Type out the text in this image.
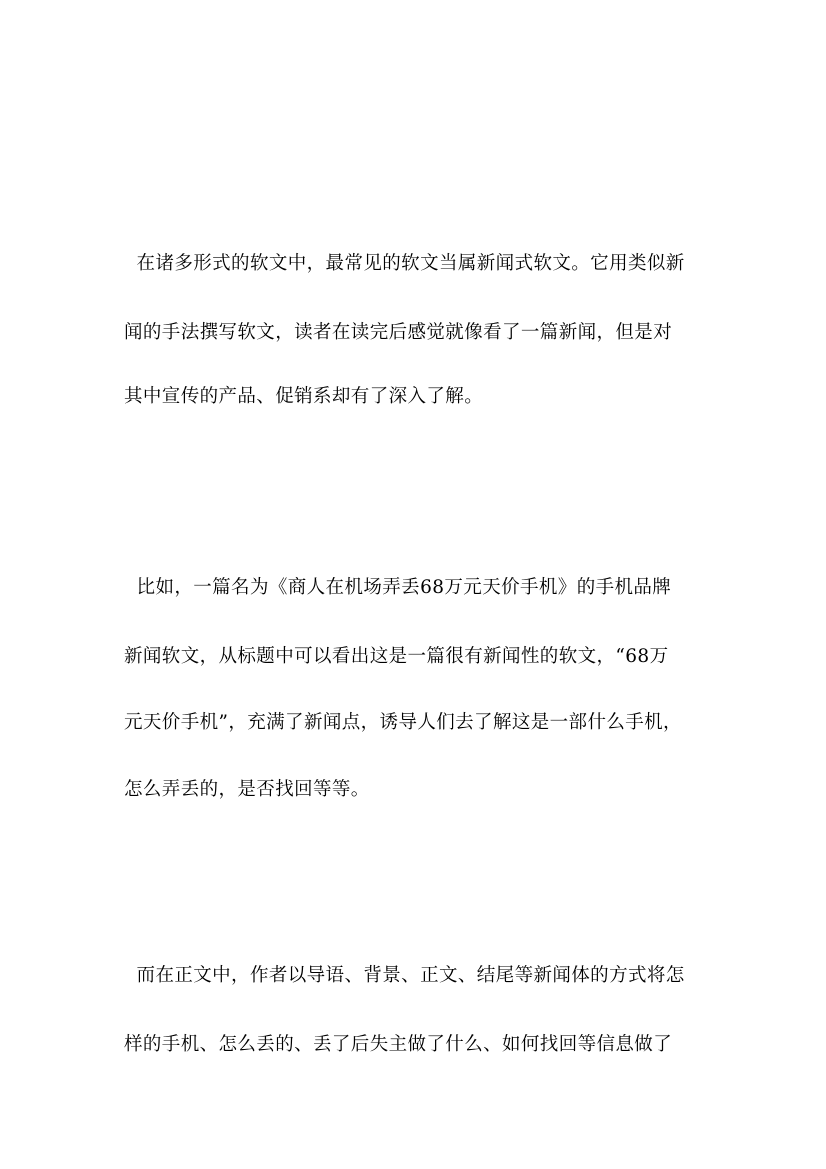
在诸多形式的软文中，最常见的软文当属新闻式软文。它用类似新
闻的手法撰写软文，读者在读完后感觉就像看了一篇新闻，但是对
其中宣传的产品、促销系却有了深入了解。
比如，一篇名为《商人在机场弄丢68万元天价手机》的手机品牌
新闻软文，从标题中可以看出这是一篇很有新闻性的软文，“68万
元天价手机”，充满了新闻点，诱导人们去了解这是一部什么手机，
怎么弄丢的，是否找回等等。
而在正文中，作者以导语、背景、正文、结尾等新闻体的方式将怎
样的手机、怎么丢的、丢了后失主做了什么、如何找回等信息做了
